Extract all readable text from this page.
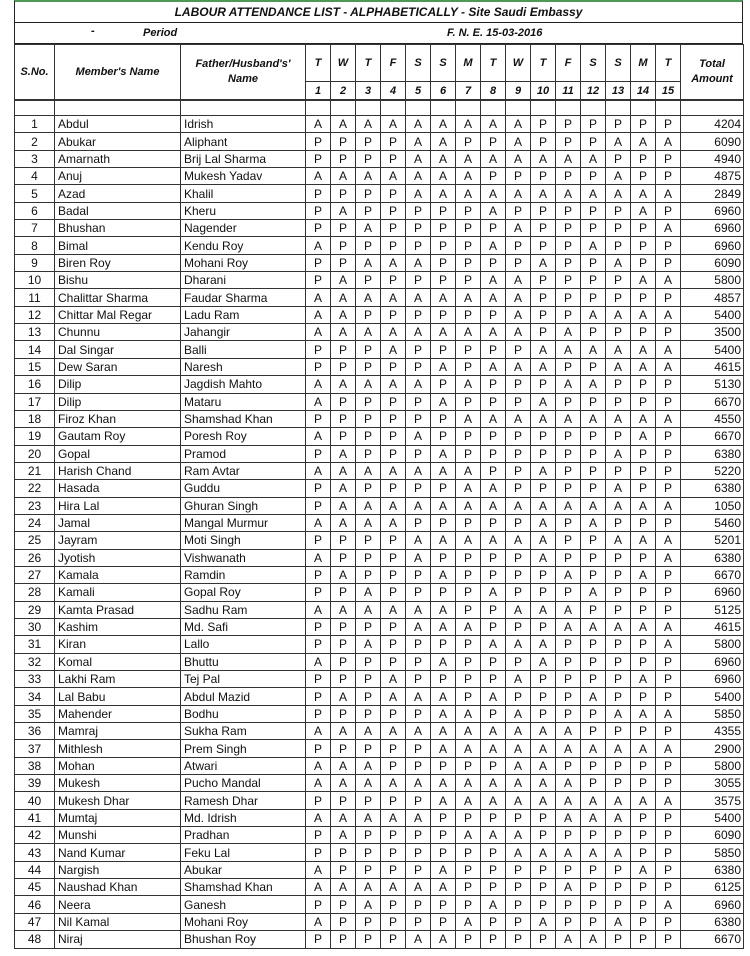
LABOUR ATTENDANCE LIST - ALPHABETICALLY - Site Saudi Embassy
-	Period	F. N. E. 15-03-2016
S.No.	Member's Name	Father/Husband's' Name	T	W	T	F	S	S	M	T	W	T	F	S	S	M	T	Total Amount
			1	2	3	4	5	6	7	8	9	10	11	12	13	14	15	

1	Abdul	Idrish	A	A	A	A	A	A	A	A	A	P	P	P	P	P	P	4204
2	Abukar	Aliphant	P	P	P	P	A	A	P	P	A	P	P	P	A	A	A	6090
3	Amarnath	Brij Lal Sharma	P	P	P	P	A	A	A	A	A	A	A	A	P	P	P	4940
4	Anuj	Mukesh Yadav	A	A	A	A	A	A	A	P	P	P	P	P	A	P	P	4875
5	Azad	Khalil	P	P	P	P	A	A	A	A	A	A	A	A	A	A	A	2849
6	Badal	Kheru	P	A	P	P	P	P	P	A	P	P	P	P	P	A	P	6960
7	Bhushan	Nagender	P	P	A	P	P	P	P	P	A	P	P	P	P	P	A	6960
8	Bimal	Kendu Roy	A	P	P	P	P	P	P	A	P	P	P	A	P	P	P	6960
9	Biren Roy	Mohani Roy	P	P	A	A	A	P	P	P	P	A	P	P	A	P	P	6090
10	Bishu	Dharani	P	A	P	P	P	P	P	A	A	P	P	P	P	A	A	5800
11	Chalittar Sharma	Faudar Sharma	A	A	A	A	A	A	A	A	A	P	P	P	P	P	P	4857
12	Chittar Mal Regar	Ladu Ram	A	A	P	P	P	P	P	P	A	P	P	A	A	A	A	5400
13	Chunnu	Jahangir	A	A	A	A	A	A	A	A	A	P	A	P	P	P	P	3500
14	Dal Singar	Balli	P	P	P	A	P	P	P	P	P	A	A	A	A	A	A	5400
15	Dew Saran	Naresh	P	P	P	P	P	A	P	A	A	A	P	P	A	A	A	4615
16	Dilip	Jagdish Mahto	A	A	A	A	A	P	A	P	P	P	A	A	P	P	P	5130
17	Dilip	Mataru	A	P	P	P	P	A	P	P	P	A	P	P	P	P	P	6670
18	Firoz Khan	Shamshad Khan	P	P	P	P	P	P	A	A	A	A	A	A	A	A	A	4550
19	Gautam Roy	Poresh Roy	A	P	P	P	A	P	P	P	P	P	P	P	P	A	P	6670
20	Gopal	Pramod	P	A	P	P	P	A	P	P	P	P	P	P	A	P	P	6380
21	Harish Chand	Ram Avtar	A	A	A	A	A	A	A	P	P	A	P	P	P	P	P	5220
22	Hasada	Guddu	P	A	P	P	P	P	A	A	P	P	P	P	A	P	P	6380
23	Hira Lal	Ghuran Singh	P	A	A	A	A	A	A	A	A	A	A	A	A	A	A	1050
24	Jamal	Mangal Murmur	A	A	A	A	P	P	P	P	P	A	P	A	P	P	P	5460
25	Jayram	Moti Singh	P	P	P	P	A	A	A	A	A	A	P	P	A	A	A	5201
26	Jyotish	Vishwanath	A	P	P	P	A	P	P	P	P	A	P	P	P	P	A	6380
27	Kamala	Ramdin	P	A	P	P	P	A	P	P	P	P	A	P	P	A	P	6670
28	Kamali	Gopal Roy	P	P	A	P	P	P	P	A	P	P	P	A	P	P	P	6960
29	Kamta Prasad	Sadhu Ram	A	A	A	A	A	A	P	P	A	A	A	P	P	P	P	5125
30	Kashim	Md. Safi	P	P	P	P	A	A	A	P	P	P	A	A	A	A	A	4615
31	Kiran	Lallo	P	P	A	P	P	P	P	A	A	A	P	P	P	P	A	5800
32	Komal	Bhuttu	A	P	P	P	P	A	P	P	P	A	P	P	P	P	P	6960
33	Lakhi Ram	Tej Pal	P	P	P	A	P	P	P	P	A	P	P	P	P	A	P	6960
34	Lal Babu	Abdul Mazid	P	A	P	A	A	A	P	A	P	P	P	A	P	P	P	5400
35	Mahender	Bodhu	P	P	P	P	P	A	A	P	A	P	P	P	A	A	A	5850
36	Mamraj	Sukha Ram	A	A	A	A	A	A	A	A	A	A	A	P	P	P	P	4355
37	Mithlesh	Prem Singh	P	P	P	P	P	A	A	A	A	A	A	A	A	A	A	2900
38	Mohan	Atwari	A	A	A	P	P	P	P	P	A	A	P	P	P	P	P	5800
39	Mukesh	Pucho Mandal	A	A	A	A	A	A	A	A	A	A	A	P	P	P	P	3055
40	Mukesh Dhar	Ramesh Dhar	P	P	P	P	P	A	A	A	A	A	A	A	A	A	A	3575
41	Mumtaj	Md. Idrish	A	A	A	A	A	P	P	P	P	P	A	A	A	P	P	5400
42	Munshi	Pradhan	P	A	P	P	P	P	A	A	A	P	P	P	P	P	P	6090
43	Nand Kumar	Feku Lal	P	P	P	P	P	P	P	P	A	A	A	A	A	P	P	5850
44	Nargish	Abukar	A	P	P	P	P	A	P	P	P	P	P	P	P	A	P	6380
45	Naushad Khan	Shamshad Khan	A	A	A	A	A	A	P	P	P	P	A	P	P	P	P	6125
46	Neera	Ganesh	P	P	A	P	P	P	P	A	P	P	P	P	P	P	A	6960
47	Nil Kamal	Mohani Roy	A	P	P	P	P	P	A	P	P	A	P	P	A	P	P	6380
48	Niraj	Bhushan Roy	P	P	P	P	A	A	P	P	P	P	A	A	P	P	P	6670
